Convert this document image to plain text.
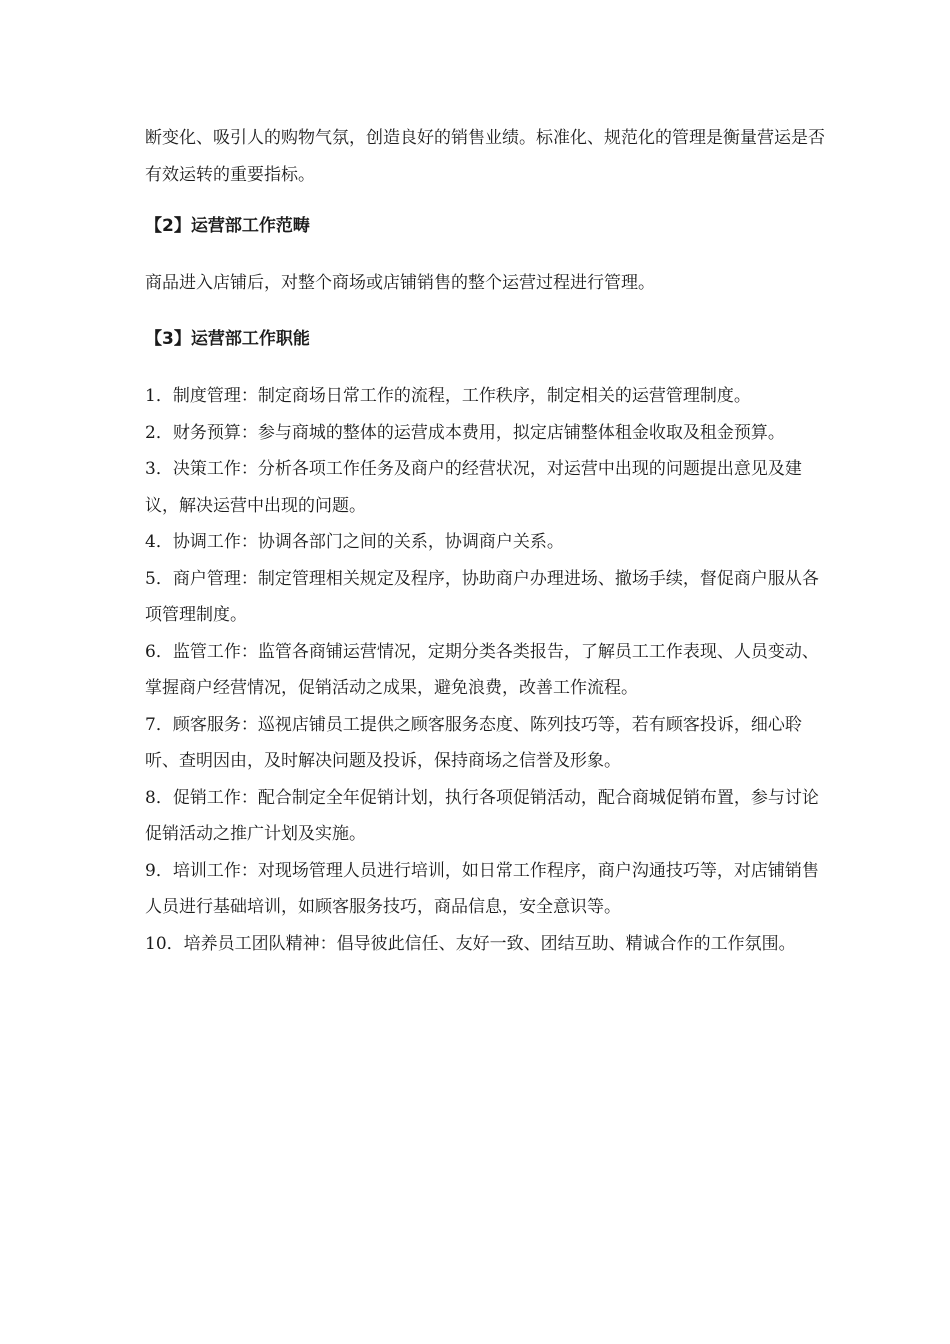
断变化、吸引人的购物气氛，创造良好的销售业绩。标准化、规范化的管理是衡量营运是否有效运转的重要指标。

【2】运营部工作范畴

商品进入店铺后，对整个商场或店铺销售的整个运营过程进行管理。

【3】运营部工作职能

1．制度管理：制定商场日常工作的流程，工作秩序，制定相关的运营管理制度。

2．财务预算：参与商城的整体的运营成本费用，拟定店铺整体租金收取及租金预算。

3．决策工作：分析各项工作任务及商户的经营状况，对运营中出现的问题提出意见及建议，解决运营中出现的问题。

4．协调工作：协调各部门之间的关系，协调商户关系。

5．商户管理：制定管理相关规定及程序，协助商户办理进场、撤场手续，督促商户服从各项管理制度。

6．监管工作：监管各商铺运营情况，定期分类各类报告，了解员工工作表现、人员变动、掌握商户经营情况，促销活动之成果，避免浪费，改善工作流程。

7．顾客服务：巡视店铺员工提供之顾客服务态度、陈列技巧等，若有顾客投诉，细心聆听、查明因由，及时解决问题及投诉，保持商场之信誉及形象。

8．促销工作：配合制定全年促销计划，执行各项促销活动，配合商城促销布置，参与讨论促销活动之推广计划及实施。

9．培训工作：对现场管理人员进行培训，如日常工作程序，商户沟通技巧等，对店铺销售人员进行基础培训，如顾客服务技巧，商品信息，安全意识等。

10．培养员工团队精神：倡导彼此信任、友好一致、团结互助、精诚合作的工作氛围。
